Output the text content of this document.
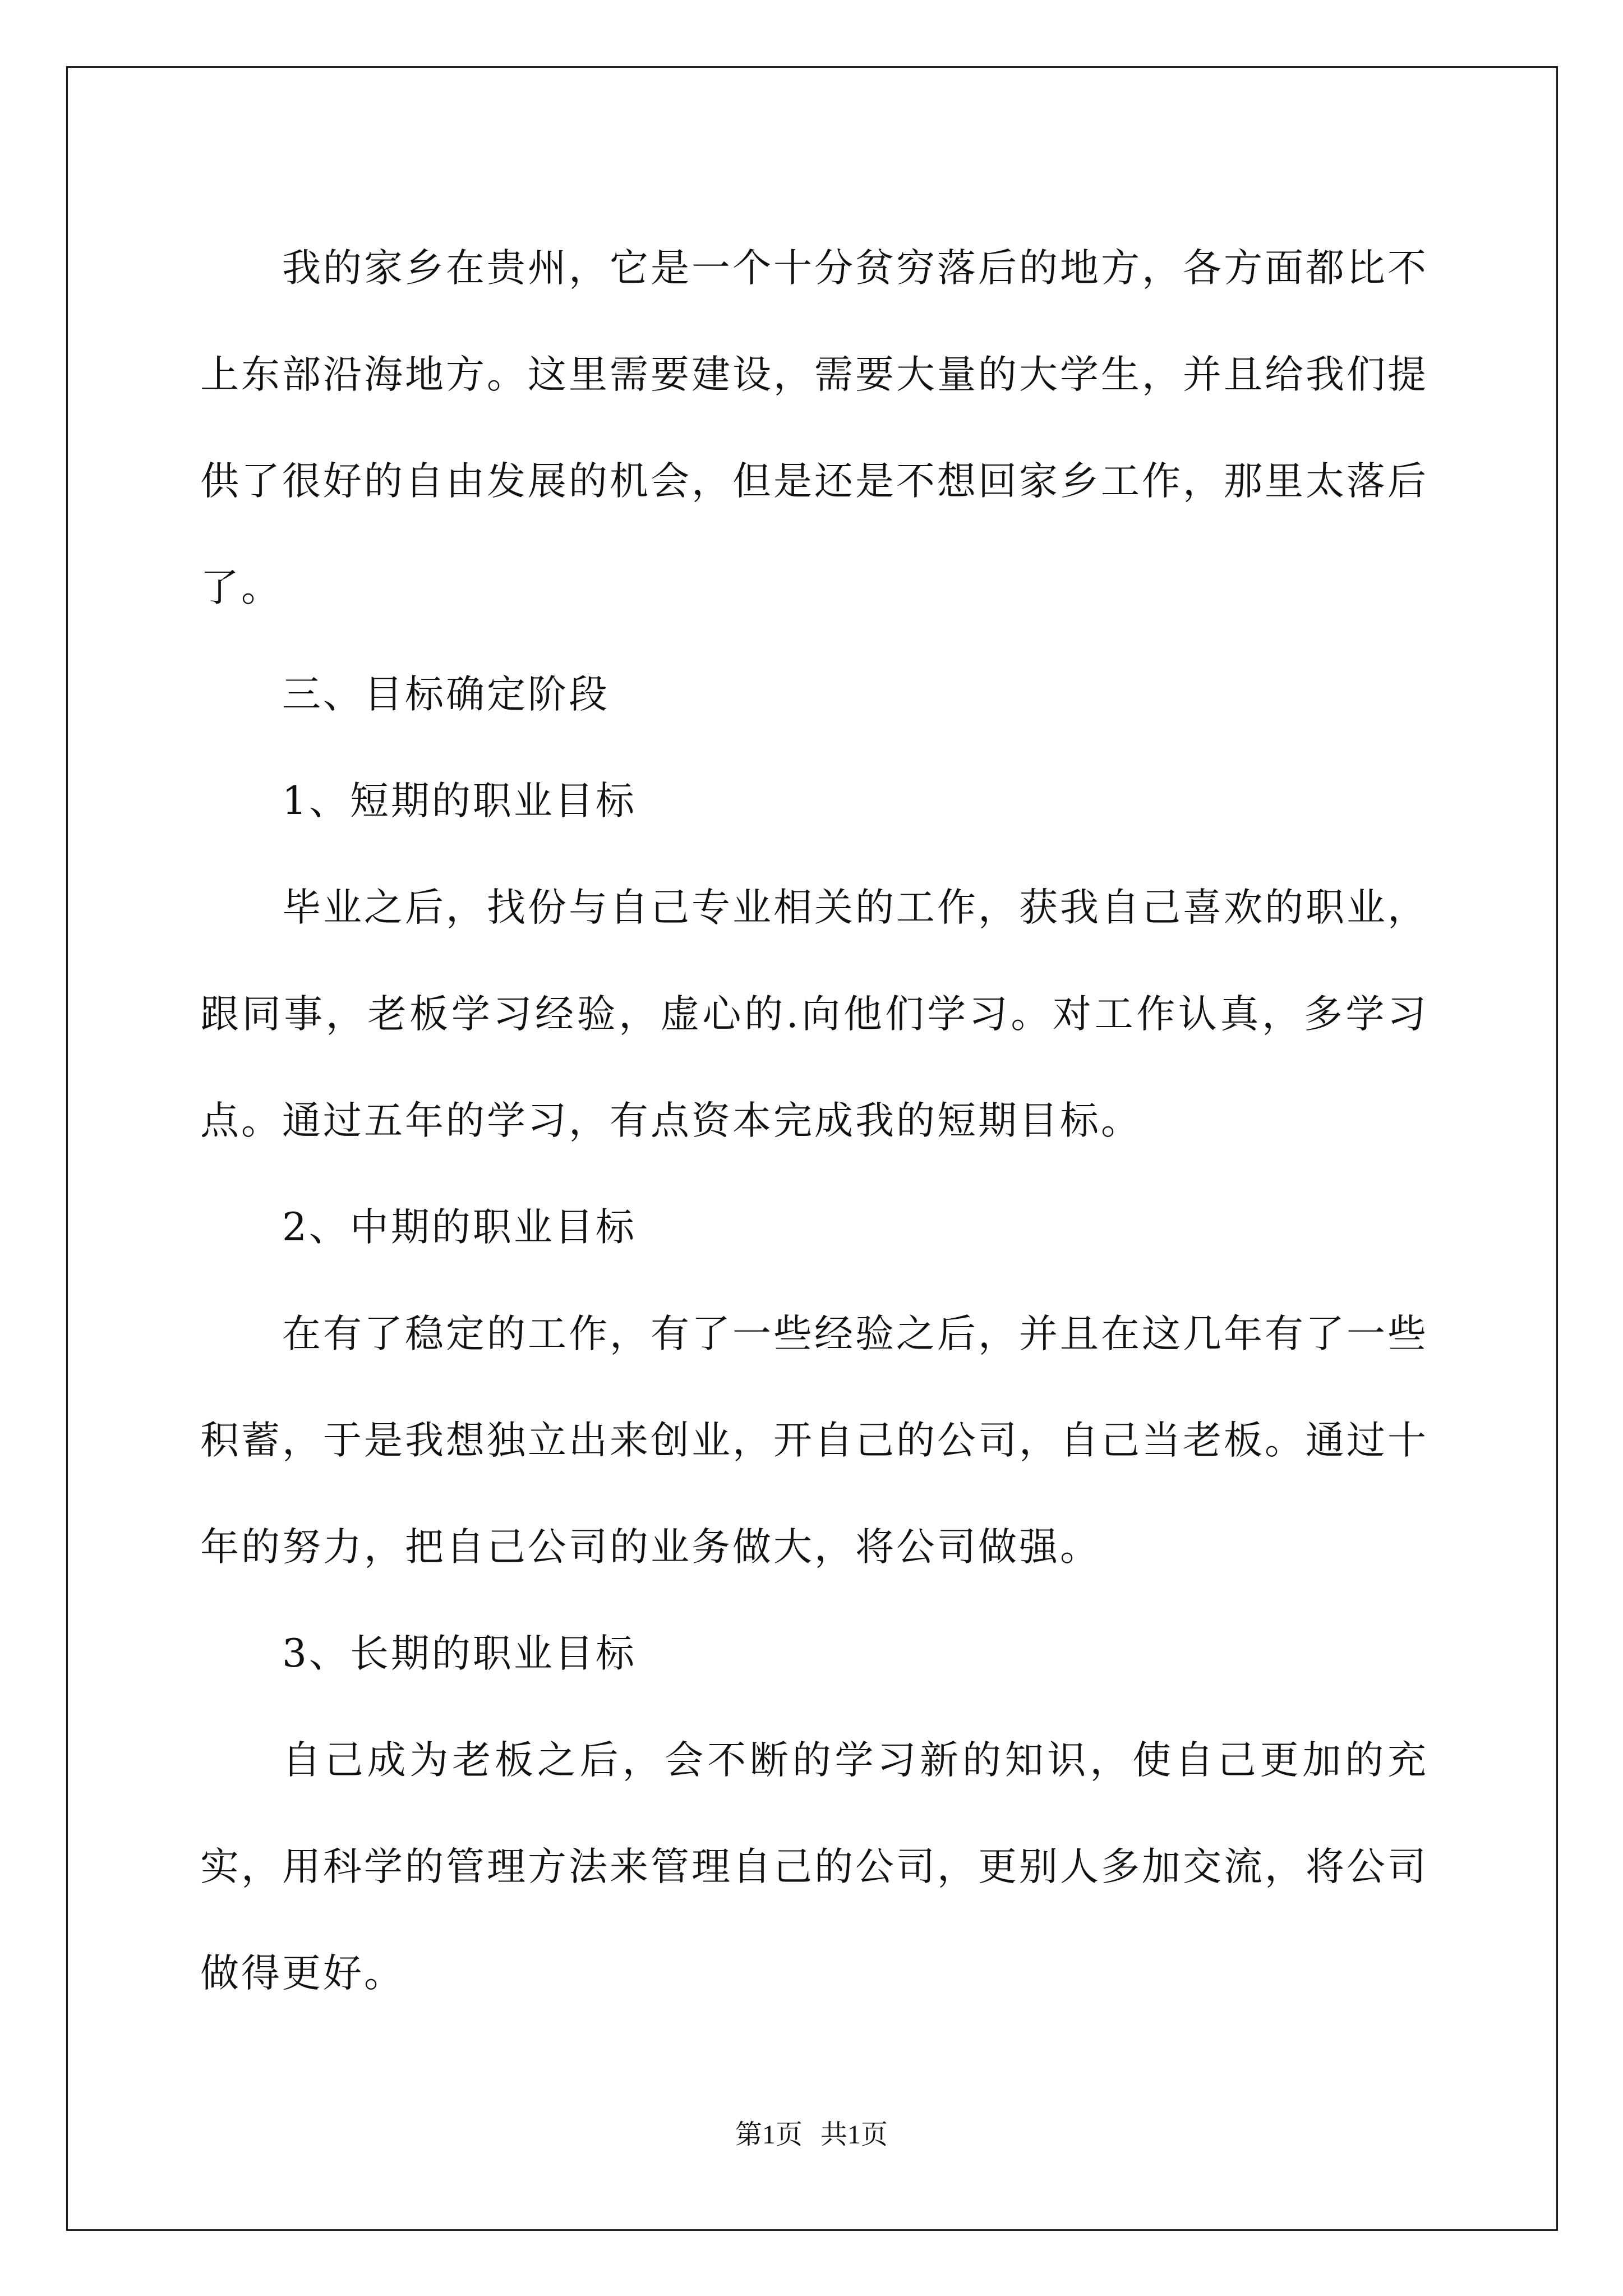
我的家乡在贵州，它是一个十分贫穷落后的地方，各方面都比不上东部沿海地方。这里需要建设，需要大量的大学生，并且给我们提供了很好的自由发展的机会，但是还是不想回家乡工作，那里太落后了。

三、目标确定阶段

1、短期的职业目标

毕业之后，找份与自己专业相关的工作，获我自己喜欢的职业，跟同事，老板学习经验，虚心的.向他们学习。对工作认真，多学习点。通过五年的学习，有点资本完成我的短期目标。

2、中期的职业目标

在有了稳定的工作，有了一些经验之后，并且在这几年有了一些积蓄，于是我想独立出来创业，开自己的公司，自己当老板。通过十年的努力，把自己公司的业务做大，将公司做强。

3、长期的职业目标

自己成为老板之后，会不断的学习新的知识，使自己更加的充实，用科学的管理方法来管理自己的公司，更别人多加交流，将公司做得更好。

第1页 共1页
